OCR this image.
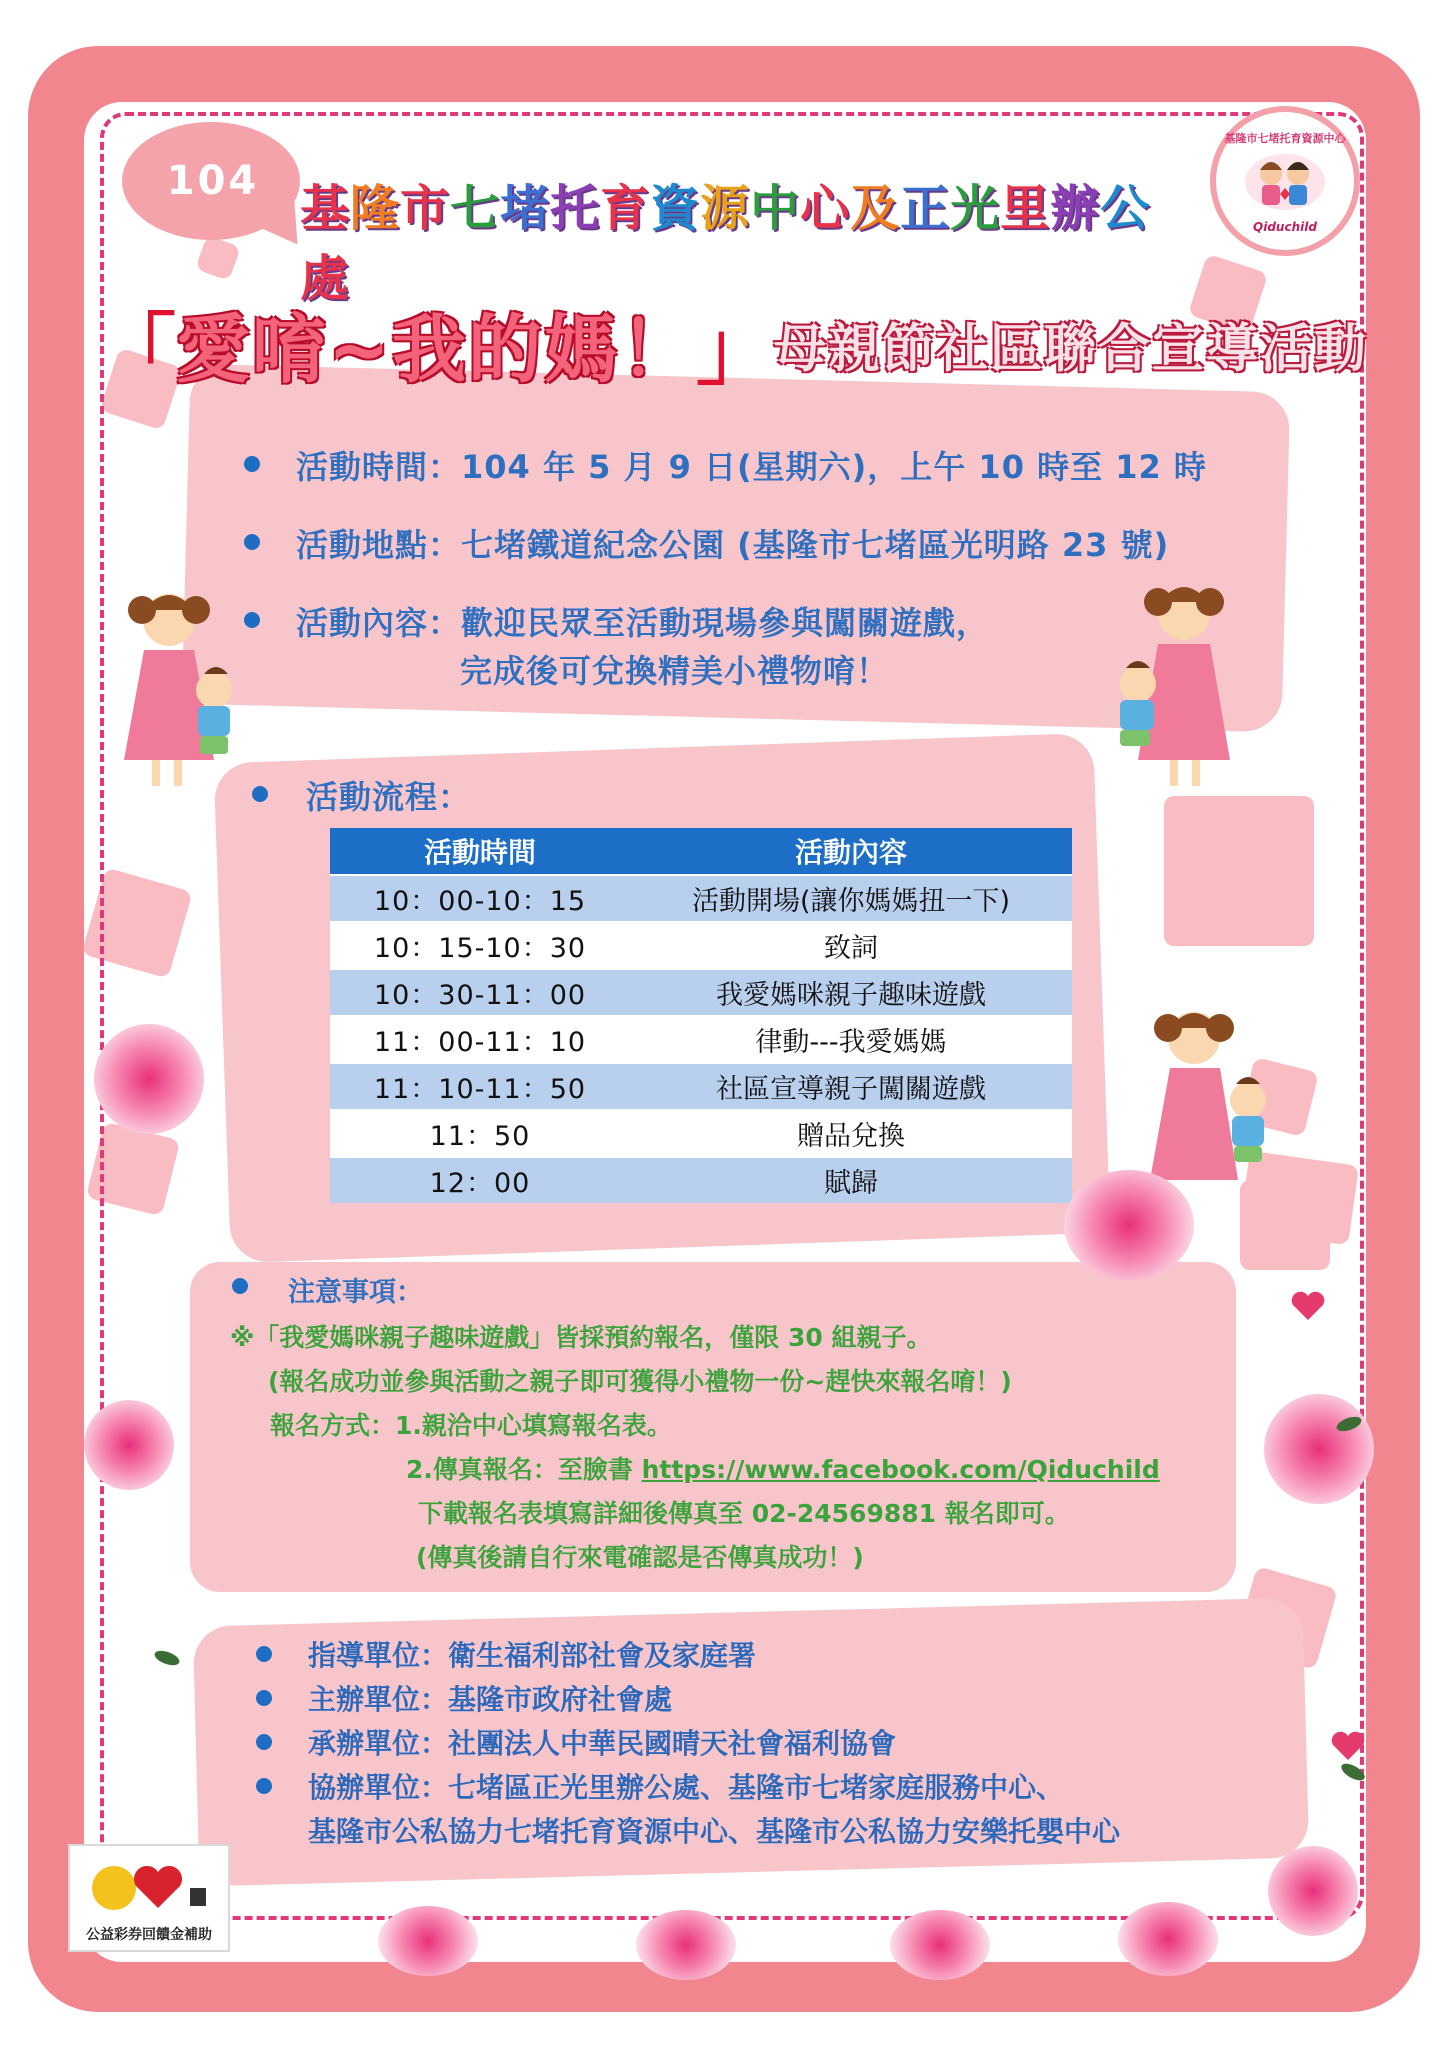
104 基隆市七堵托育資源中心及正光里辦公處
基隆市七堵托育資源中心
Qiduchild
「愛唷~我的媽！」母親節社區聯合宣導活動
活動時間：104 年 5 月 9 日(星期六)，上午 10 時至 12 時
活動地點：七堵鐵道紀念公園 (基隆市七堵區光明路 23 號)
活動內容：歡迎民眾至活動現場參與闖關遊戲，
完成後可兌換精美小禮物唷！
活動流程：
活動時間	活動內容
10：00-10：15	活動開場(讓你媽媽扭一下)
10：15-10：30	致詞
10：30-11：00	我愛媽咪親子趣味遊戲
11：00-11：10	律動---我愛媽媽
11：10-11：50	社區宣導親子闖關遊戲
11：50	贈品兌換
12：00	賦歸
注意事項：
※「我愛媽咪親子趣味遊戲」皆採預約報名，僅限 30 組親子。
(報名成功並參與活動之親子即可獲得小禮物一份~趕快來報名唷！)
報名方式：1.親洽中心填寫報名表。
2.傳真報名：至臉書 https://www.facebook.com/Qiduchild
下載報名表填寫詳細後傳真至 02-24569881 報名即可。
(傳真後請自行來電確認是否傳真成功！)
指導單位：衛生福利部社會及家庭署
主辦單位：基隆市政府社會處
承辦單位：社團法人中華民國晴天社會福利協會
協辦單位：七堵區正光里辦公處、基隆市七堵家庭服務中心、
基隆市公私協力七堵托育資源中心、基隆市公私協力安樂托嬰中心
公益彩券回饋金補助
